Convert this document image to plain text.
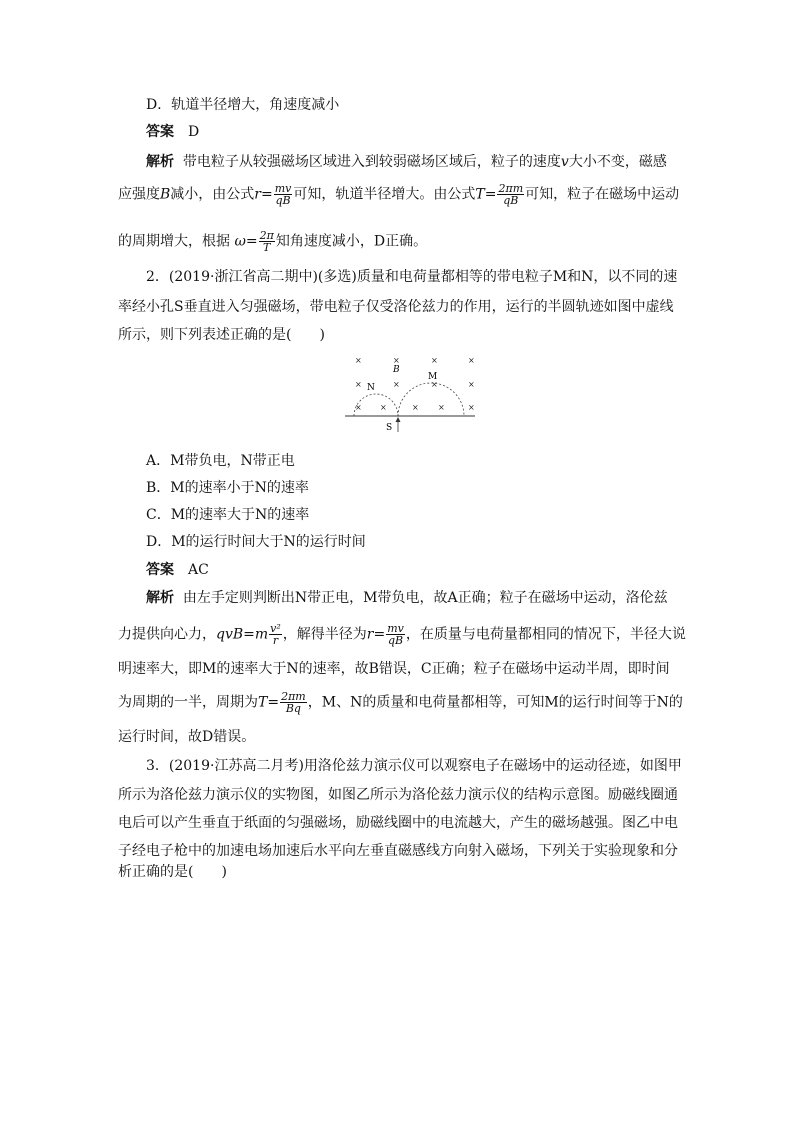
D．轨道半径增大，角速度减小
答案 D
解析 带电粒子从较强磁场区域进入到较弱磁场区域后，粒子的速度v大小不变，磁感
应强度B减小，由公式$r= \frac{mv}{qB}$ 可知，轨道半径增大。由公式$T= \frac{2\pi m}{qB}$ 可知，粒子在磁场中运动
的周期增大，根据 $\omega= \frac{2\pi}{T}$ 知角速度减小，D正确。
2．(2019·浙江省高二期中)(多选)质量和电荷量都相等的带电粒子M和N，以不同的速
率经小孔S垂直进入匀强磁场，带电粒子仅受洛伦兹力的作用，运行的半圆轨迹如图中虚线
所示，则下列表述正确的是(　　)
×	×	×	×
×	×	×	×
× ×	× ×	×
B
M
N
S
A．M带负电，N带正电
B．M的速率小于N的速率
C．M的速率大于N的速率
D．M的运行时间大于N的运行时间
答案 AC
解析 由左手定则判断出N带正电，M带负电，故A正确；粒子在磁场中运动，洛伦兹
力提供向心力，$qvB=m \frac{\text{v²}}{r}$ ，解得半径为$r= \frac{mv}{qB}$ ，在质量与电荷量都相同的情况下，半径大说
明速率大，即M的速率大于N的速率，故B错误，C正确；粒子在磁场中运动半周，即时间
为周期的一半，周期为$T= \frac{2\pi m}{Bq}$ ，M、N的质量和电荷量都相等，可知M的运行时间等于N的
运行时间，故D错误。
3．(2019·江苏高二月考)用洛伦兹力演示仪可以观察电子在磁场中的运动径迹，如图甲
所示为洛伦兹力演示仪的实物图，如图乙所示为洛伦兹力演示仪的结构示意图。励磁线圈通
电后可以产生垂直于纸面的匀强磁场，励磁线圈中的电流越大，产生的磁场越强。图乙中电
子经电子枪中的加速电场加速后水平向左垂直磁感线方向射入磁场，下列关于实验现象和分
析正确的是(　　)
